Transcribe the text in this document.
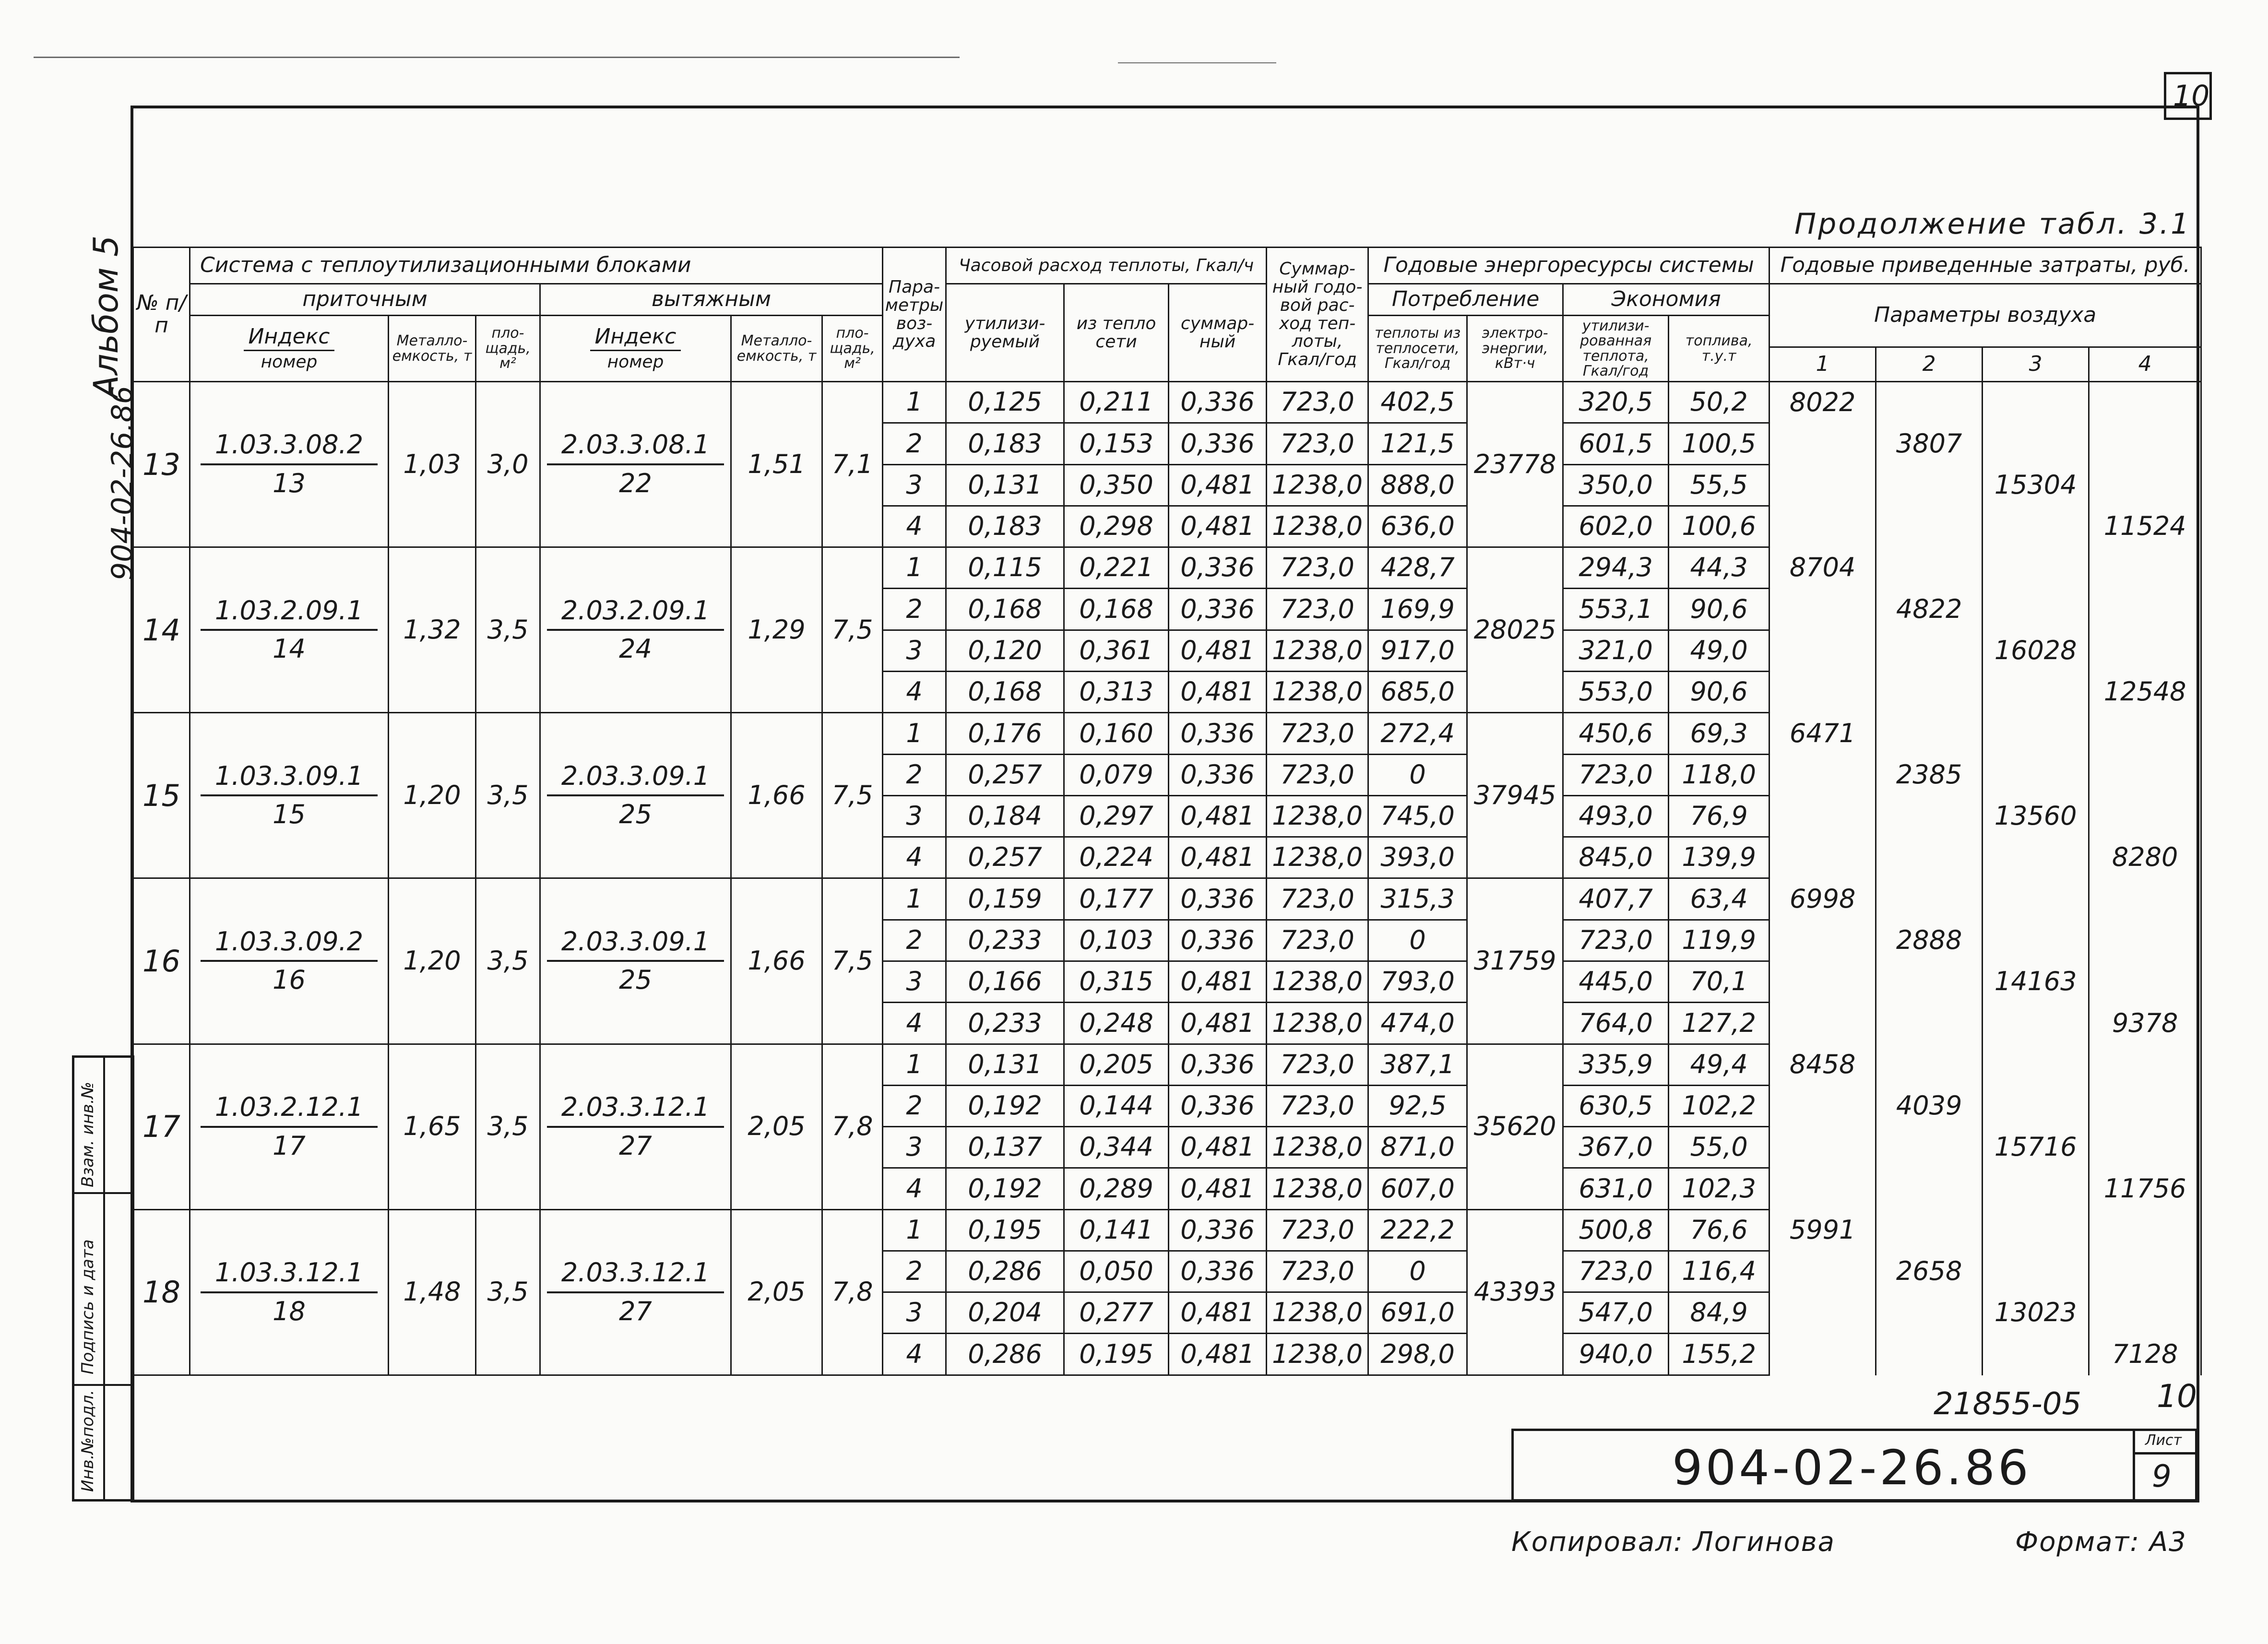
10
Альбом 5
904-02-26.86
Взам. инв.№
Подпись и дата
Инв.№подл.
Продолжение табл. 3.1
№ п/п	Система с теплоутилизационными блоками						Пара-метры воз-духа	Часовой расход теплоты, Гкал/ч			Суммар-ный годо-вой рас-ход теп-лоты, Гкал/год	Годовые энергоресурсы системы				Годовые приведенные затраты, руб.			
	приточным			вытяжным				утилизи-руемый	из тепло сети	суммар-ный		Потребление		Экономия		Параметры воздуха			

	$\frac{\text{Индекс}}{\text{номер}}$	Металло-емкость, т	пло-щадь, м²	$\frac{\text{Индекс}}{\text{номер}}$	Металло-емкость, т	пло-щадь, м²						теплоты из теплосети, Гкал/год	электро-энергии, кВт·ч	утилизи-рованная теплота, Гкал/год	топлива, т.у.т				
																1	2	3	4
13	$\frac{1.03.3.08.2}{13}$	1,03	3,0	$\frac{2.03.3.08.1}{22}$	1,51	7,1	1	0,125	0,211	0,336	723,0	402,5	23778	320,5	50,2	8022			
							2	0,183	0,153	0,336	723,0	121,5		601,5	100,5		3807		
							3	0,131	0,350	0,481	1238,0	888,0		350,0	55,5			15304	
							4	0,183	0,298	0,481	1238,0	636,0		602,0	100,6				11524
14	$\frac{1.03.2.09.1}{14}$	1,32	3,5	$\frac{2.03.2.09.1}{24}$	1,29	7,5	1	0,115	0,221	0,336	723,0	428,7	28025	294,3	44,3	8704			
							2	0,168	0,168	0,336	723,0	169,9		553,1	90,6		4822		
							3	0,120	0,361	0,481	1238,0	917,0		321,0	49,0			16028	
							4	0,168	0,313	0,481	1238,0	685,0		553,0	90,6				12548
15	$\frac{1.03.3.09.1}{15}$	1,20	3,5	$\frac{2.03.3.09.1}{25}$	1,66	7,5	1	0,176	0,160	0,336	723,0	272,4	37945	450,6	69,3	6471			
							2	0,257	0,079	0,336	723,0	0		723,0	118,0		2385		
							3	0,184	0,297	0,481	1238,0	745,0		493,0	76,9			13560	
							4	0,257	0,224	0,481	1238,0	393,0		845,0	139,9				8280
16	$\frac{1.03.3.09.2}{16}$	1,20	3,5	$\frac{2.03.3.09.1}{25}$	1,66	7,5	1	0,159	0,177	0,336	723,0	315,3	31759	407,7	63,4	6998			
							2	0,233	0,103	0,336	723,0	0		723,0	119,9		2888		
							3	0,166	0,315	0,481	1238,0	793,0		445,0	70,1			14163	
							4	0,233	0,248	0,481	1238,0	474,0		764,0	127,2				9378
17	$\frac{1.03.2.12.1}{17}$	1,65	3,5	$\frac{2.03.3.12.1}{27}$	2,05	7,8	1	0,131	0,205	0,336	723,0	387,1	35620	335,9	49,4	8458			
							2	0,192	0,144	0,336	723,0	92,5		630,5	102,2		4039		
							3	0,137	0,344	0,481	1238,0	871,0		367,0	55,0			15716	
							4	0,192	0,289	0,481	1238,0	607,0		631,0	102,3				11756
18	$\frac{1.03.3.12.1}{18}$	1,48	3,5	$\frac{2.03.3.12.1}{27}$	2,05	7,8	1	0,195	0,141	0,336	723,0	222,2	43393	500,8	76,6	5991			
							2	0,286	0,050	0,336	723,0	0		723,0	116,4		2658		
							3	0,204	0,277	0,481	1238,0	691,0		547,0	84,9			13023	
							4	0,286	0,195	0,481	1238,0	298,0		940,0	155,2				7128
21855-05 10
904-02-26.86	Лист
9
Копировал: Логинова	Формат: А3
